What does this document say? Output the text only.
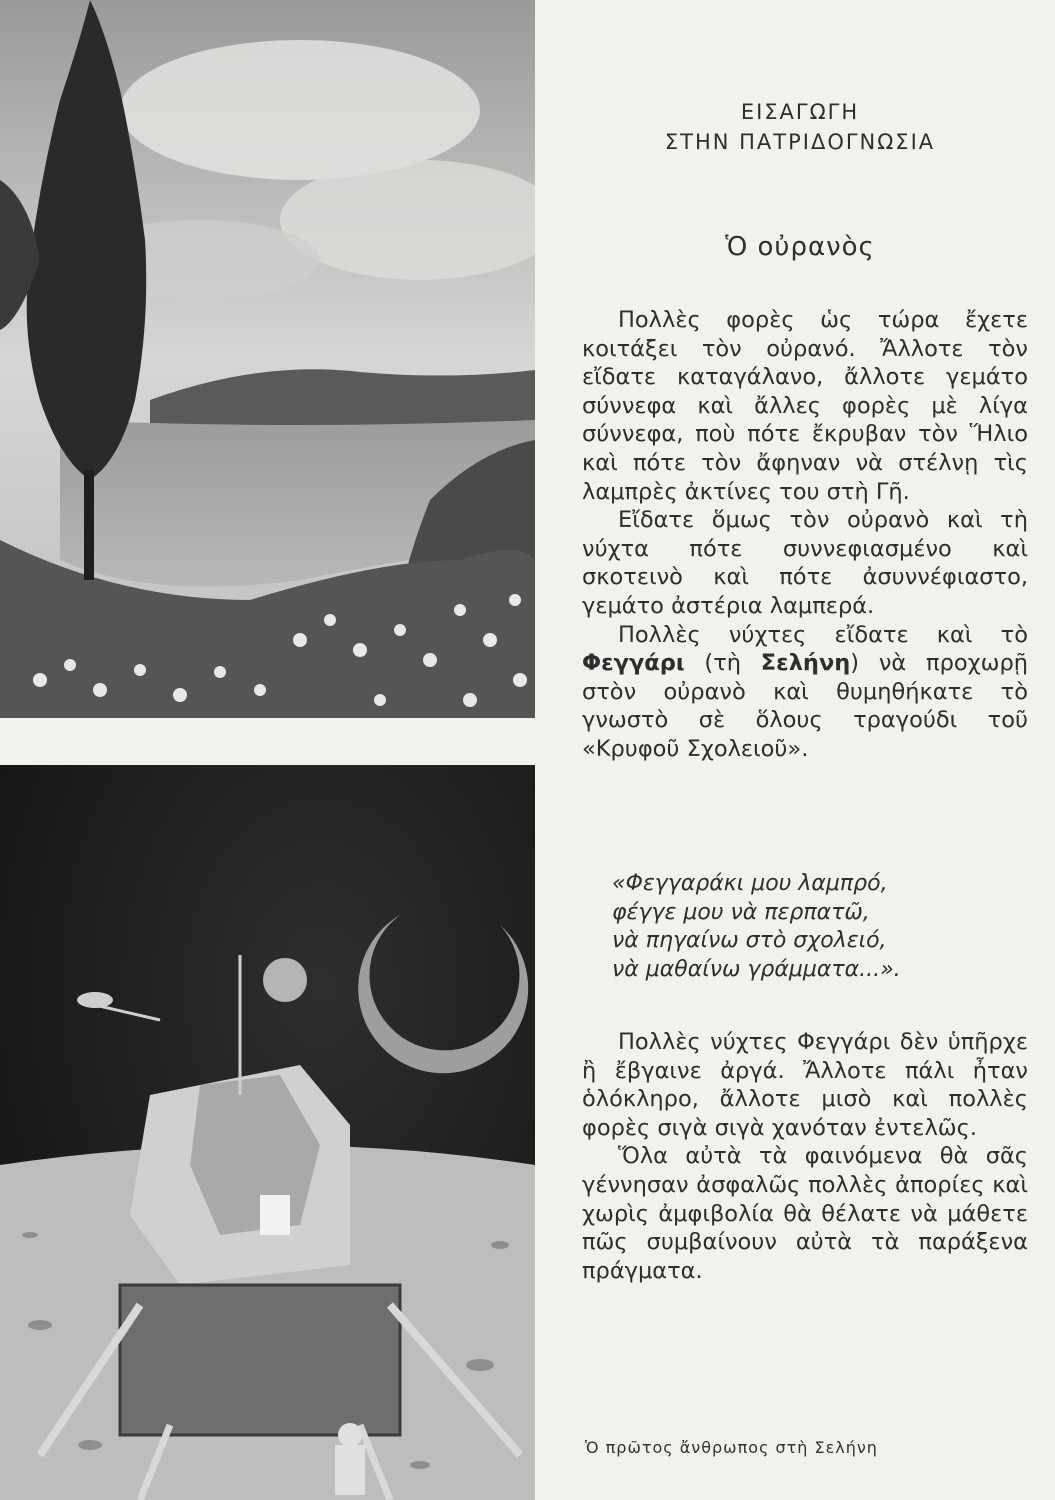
ΕΙΣΑΓΩΓΗ
ΣΤΗΝ ΠΑΤΡΙΔΟΓΝΩΣΙΑ
Ὁ οὐρανὸς

Πολλὲς φορὲς ὡς τώρα ἔχετε κοιτάξει τὸν οὐρανό. Ἄλλοτε τὸν εἴδατε καταγάλανο, ἄλλοτε γεμάτο σύννεφα καὶ ἄλλες φορὲς μὲ λίγα σύννεφα, ποὺ πότε ἔκρυβαν τὸν Ἥλιο καὶ πότε τὸν ἄφηναν νὰ στέλνῃ τὶς λαμπρὲς ἀκτίνες του στὴ Γῆ.

Εἴδατε ὅμως τὸν οὐρανὸ καὶ τὴ νύχτα πότε συννεφιασμένο καὶ σκοτεινὸ καὶ πότε ἀσυννέφιαστο, γεμάτο ἀστέρια λαμπερά.

Πολλὲς νύχτες εἴδατε καὶ τὸ Φεγγάρι (τὴ Σελήνη) νὰ προχωρῇ στὸν οὐρανὸ καὶ θυμηθήκατε τὸ γνωστὸ σὲ ὅλους τραγούδι τοῦ «Κρυφοῦ Σχολειοῦ».

«Φεγγαράκι μου λαμπρό,
φέγγε μου νὰ περπατῶ,
νὰ πηγαίνω στὸ σχολειό,
νὰ μαθαίνω γράμματα...».

Πολλὲς νύχτες Φεγγάρι δὲν ὑπῆρχε ἢ ἔβγαινε ἀργά. Ἄλλοτε πάλι ἦταν ὁλόκληρο, ἄλλοτε μισὸ καὶ πολλὲς φορὲς σιγὰ σιγὰ χανόταν ἐντελῶς.

Ὅλα αὐτὰ τὰ φαινόμενα θὰ σᾶς γέννησαν ἀσφαλῶς πολλὲς ἀπορίες καὶ χωρὶς ἀμφιβολία θὰ θέλατε νὰ μάθετε πῶς συμβαίνουν αὐτὰ τὰ παράξενα πράγματα.

Ὁ πρῶτος ἄνθρωπος στὴ Σελήνη
